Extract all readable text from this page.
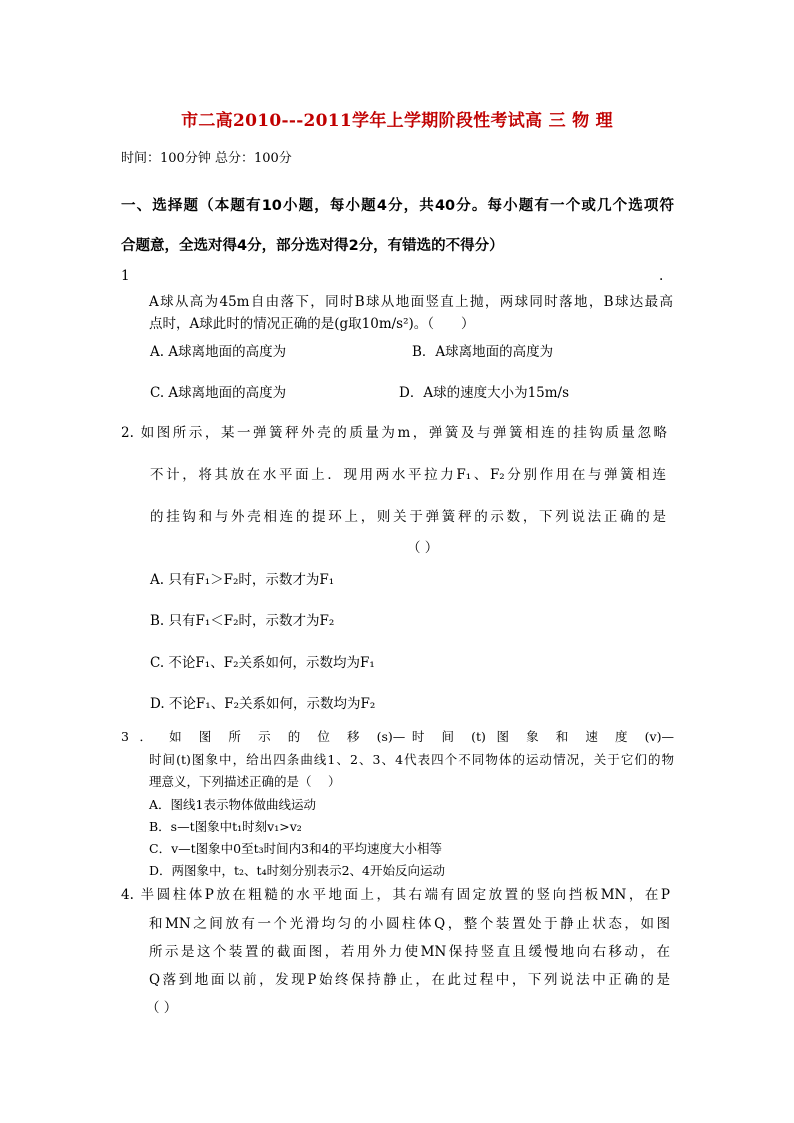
市二高2010---2011学年上学期阶段性考试高 三 物 理
时间：100分钟 总分：100分
一、选择题（本题有10小题，每小题4分，共40分。每小题有一个或几个选项符
合题意，全选对得4分，部分选对得2分，有错选的不得分）
1	.
A球从高为45m自由落下，同时B球从地面竖直上抛，两球同时落地，B球达最高
点时，A球此时的情况正确的是(g取10m/s²)。（　　）
A. A球离地面的高度为	B．A球离地面的高度为
C. A球离地面的高度为	D．A球的速度大小为15m/s
2. 如图所示，某一弹簧秤外壳的质量为m，弹簧及与弹簧相连的挂钩质量忽略
不计，将其放在水平面上．现用两水平拉力F₁、F₂分别作用在与弹簧相连
的挂钩和与外壳相连的提环上，则关于弹簧秤的示数，下列说法正确的是
（ ）
A. 只有F₁＞F₂时，示数才为F₁
B. 只有F₁＜F₂时，示数才为F₂
C. 不论F₁、F₂关系如何，示数均为F₁
D. 不论F₁、F₂关系如何，示数均为F₂
3 ． 如 图 所 示 的 位 移 (s)—时 间 (t) 图 象 和 速 度 (v)—
时间(t)图象中，给出四条曲线1、2、3、4代表四个不同物体的运动情况，关于它们的物
理意义，下列描述正确的是（　 ）
A．图线1表示物体做曲线运动
B．s—t图象中t₁时刻v₁>v₂
C．v—t图象中0至t₃时间内3和4的平均速度大小相等
D．两图象中，t₂、t₄时刻分别表示2、4开始反向运动
4. 半圆柱体P放在粗糙的水平地面上，其右端有固定放置的竖向挡板MN，在P
和MN之间放有一个光滑均匀的小圆柱体Q，整个装置处于静止状态，如图
所示是这个装置的截面图，若用外力使MN保持竖直且缓慢地向右移动，在
Q落到地面以前，发现P始终保持静止，在此过程中，下列说法中正确的是
（ ）
